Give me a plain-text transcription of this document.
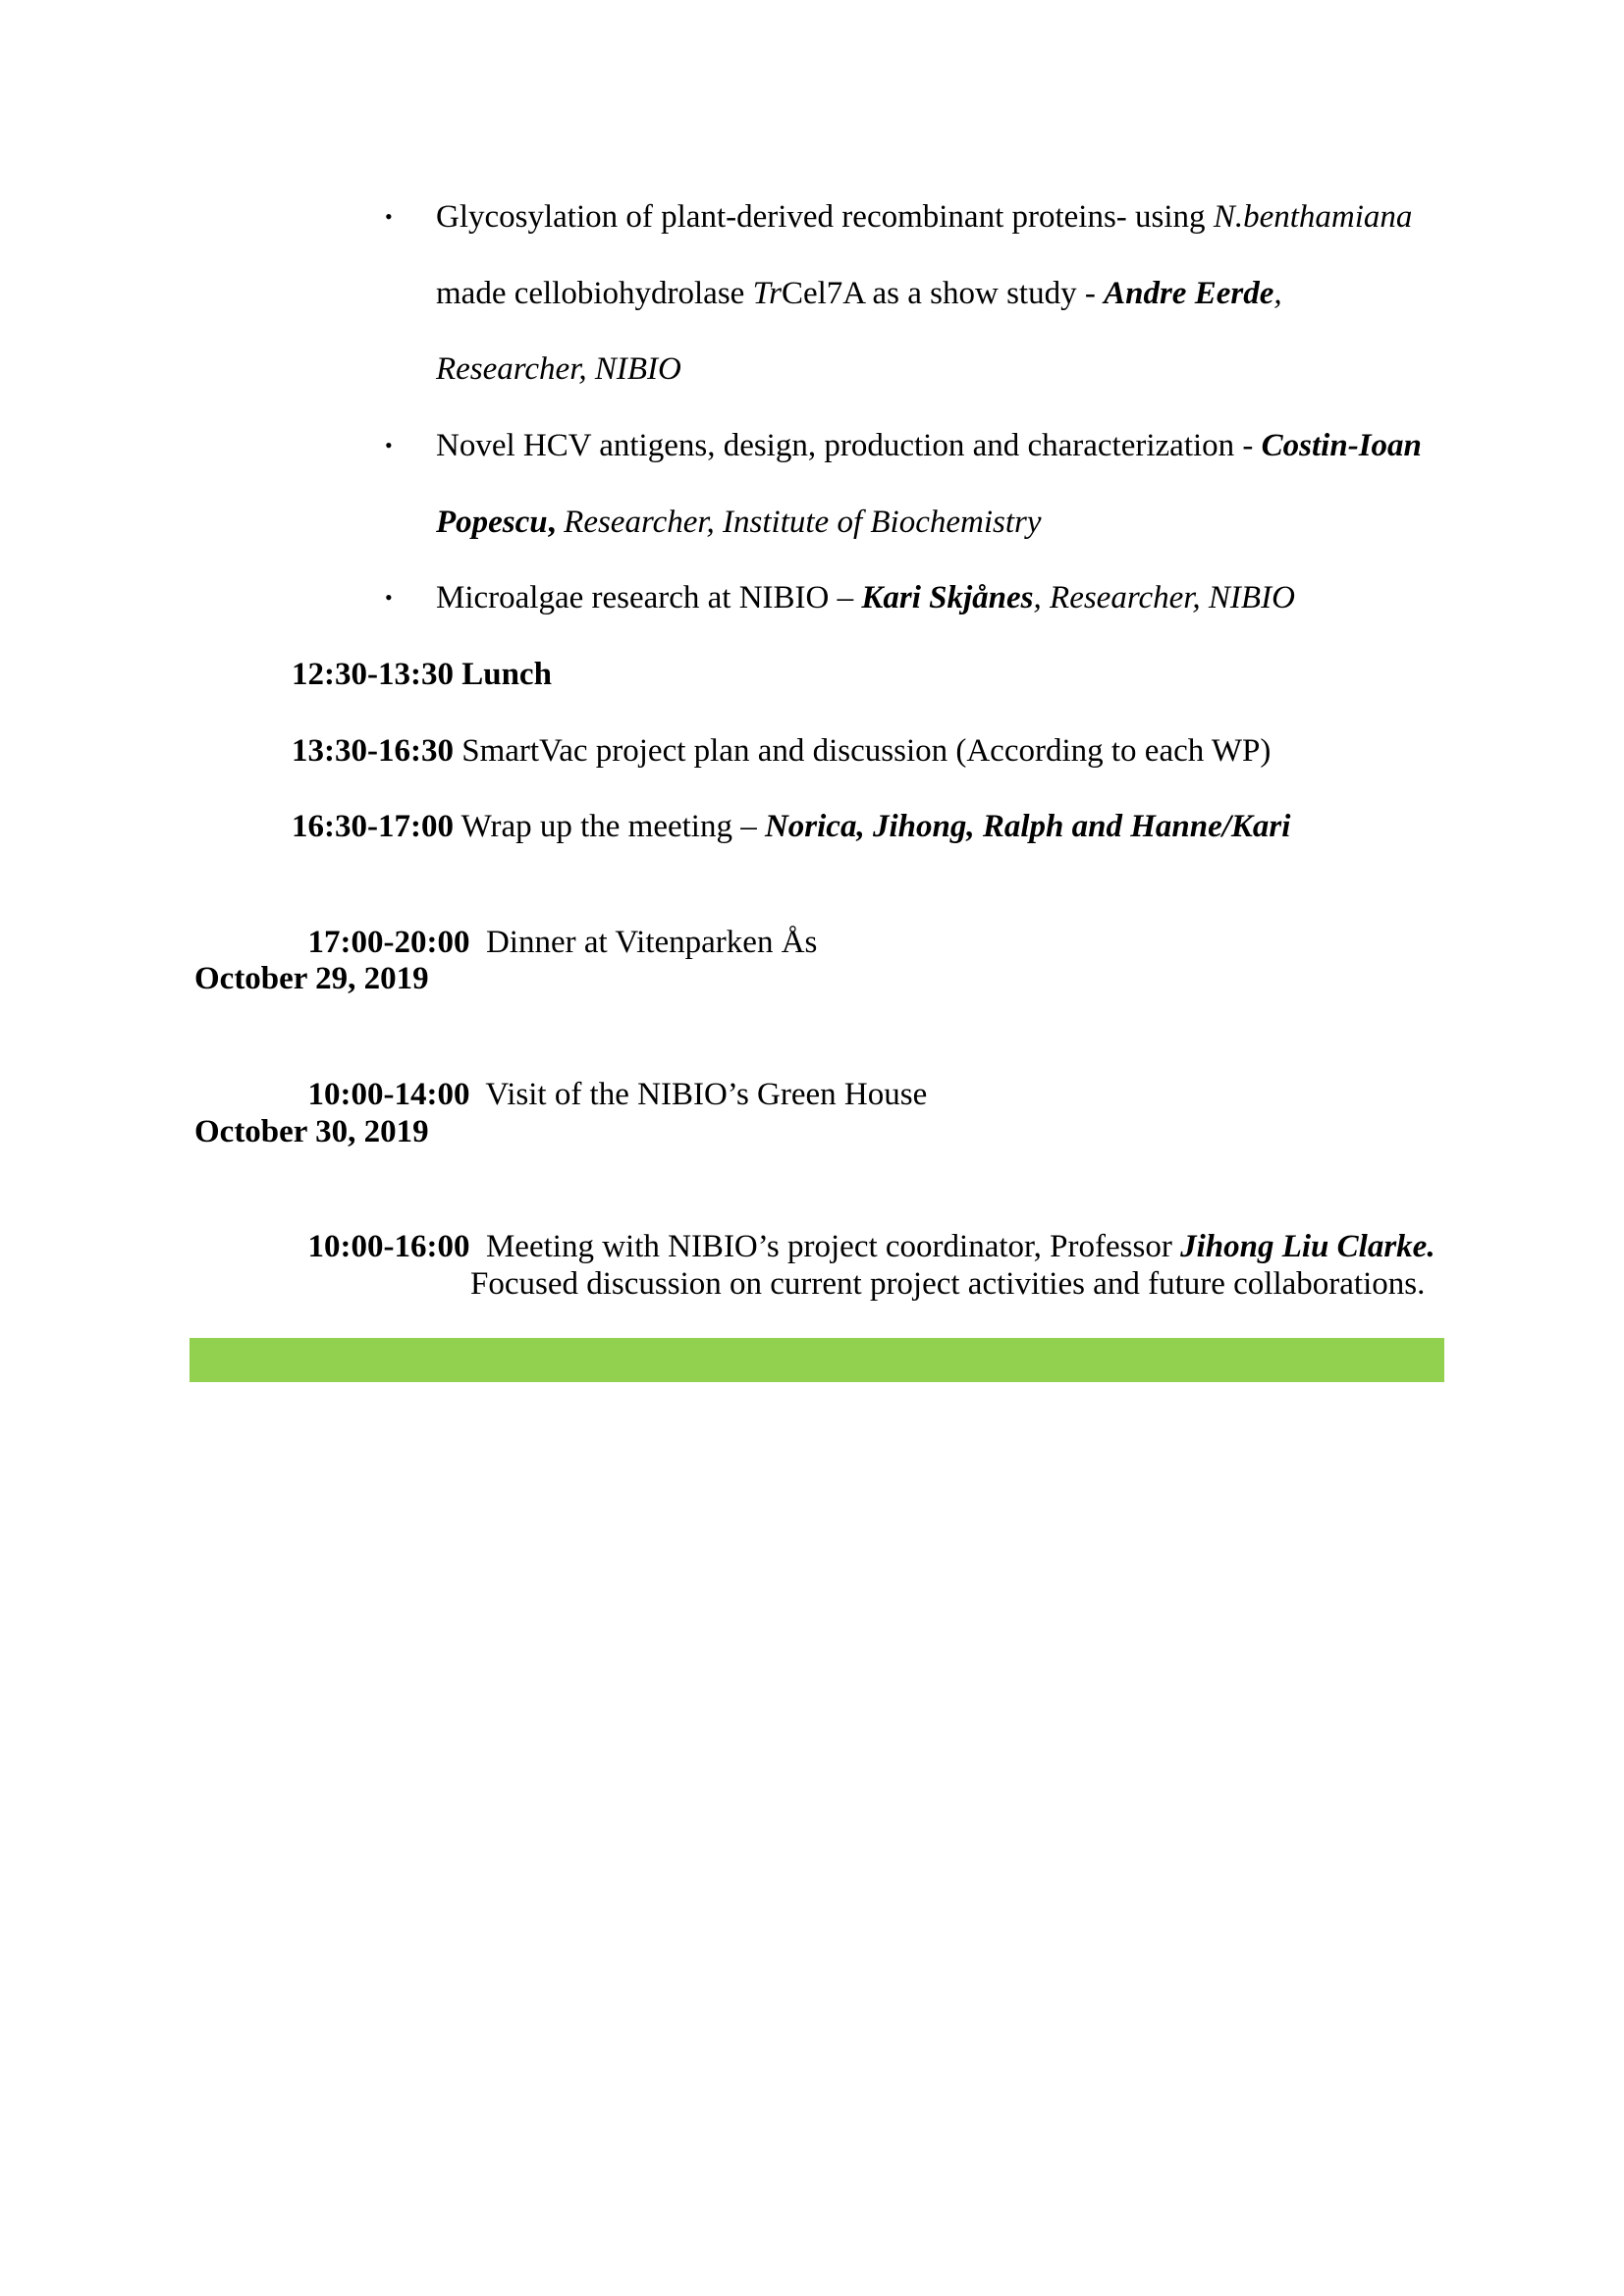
• Glycosylation of plant-derived recombinant proteins- using N.benthamiana
made cellobiohydrolase TrCel7A as a show study - Andre Eerde,
Researcher, NIBIO
• Novel HCV antigens, design, production and characterization - Costin-Ioan
Popescu, Researcher, Institute of Biochemistry
• Microalgae research at NIBIO – Kari Skjånes, Researcher, NIBIO
12:30-13:30 Lunch
13:30-16:30 SmartVac project plan and discussion (According to each WP)
16:30-17:00 Wrap up the meeting – Norica, Jihong, Ralph and Hanne/Kari

17:00-20:00  Dinner at Vitenparken Ås

October 29, 2019

10:00-14:00  Visit of the NIBIO’s Green House

October 30, 2019

10:00-16:00  Meeting with NIBIO’s project coordinator, Professor Jihong Liu Clarke.

Focused discussion on current project activities and future collaborations.
